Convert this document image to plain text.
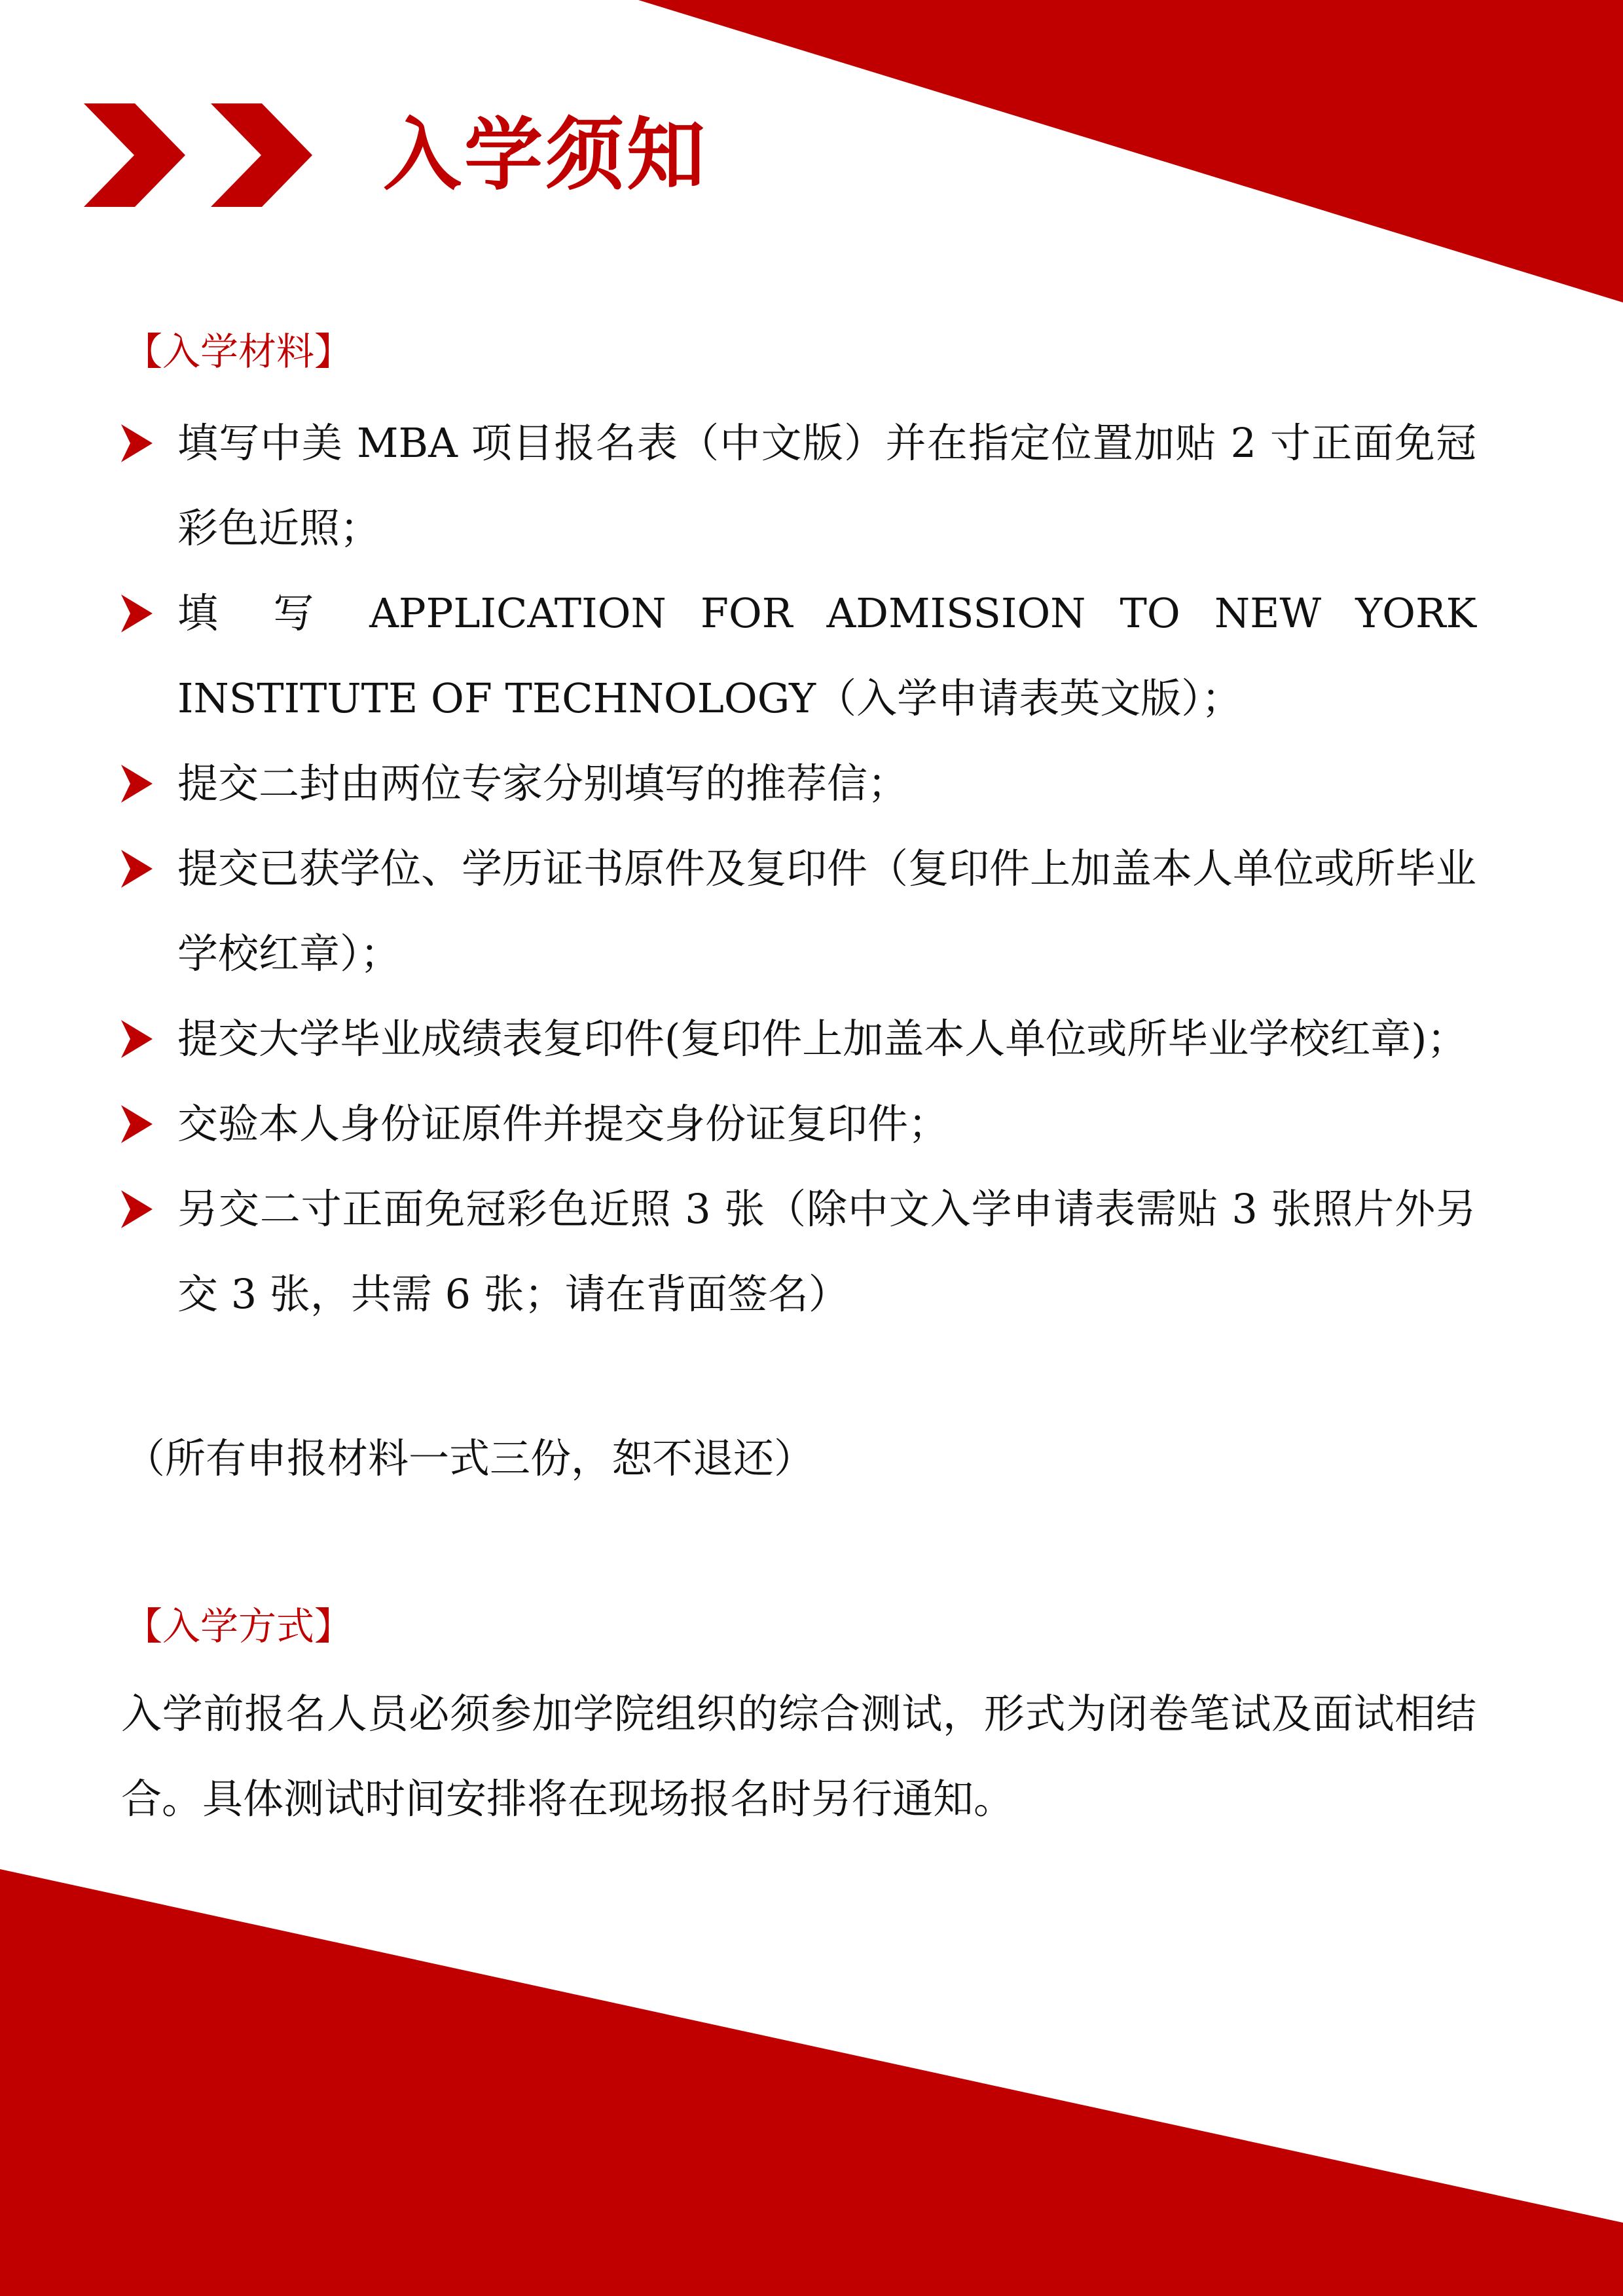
入学须知
【入学材料】
填写中美 MBA 项目报名表（中文版）并在指定位置加贴 2 寸正面免冠彩色近照；
填 写 APPLICATION FOR ADMISSION TO NEW YORK INSTITUTE OF TECHNOLOGY（入学申请表英文版）；
提交二封由两位专家分别填写的推荐信；
提交已获学位、学历证书原件及复印件（复印件上加盖本人单位或所毕业学校红章）；
提交大学毕业成绩表复印件(复印件上加盖本人单位或所毕业学校红章)；
交验本人身份证原件并提交身份证复印件；
另交二寸正面免冠彩色近照 3 张（除中文入学申请表需贴 3 张照片外另交 3 张，共需 6 张；请在背面签名）
（所有申报材料一式三份，恕不退还）
【入学方式】
入学前报名人员必须参加学院组织的综合测试，形式为闭卷笔试及面试相结合。具体测试时间安排将在现场报名时另行通知。
